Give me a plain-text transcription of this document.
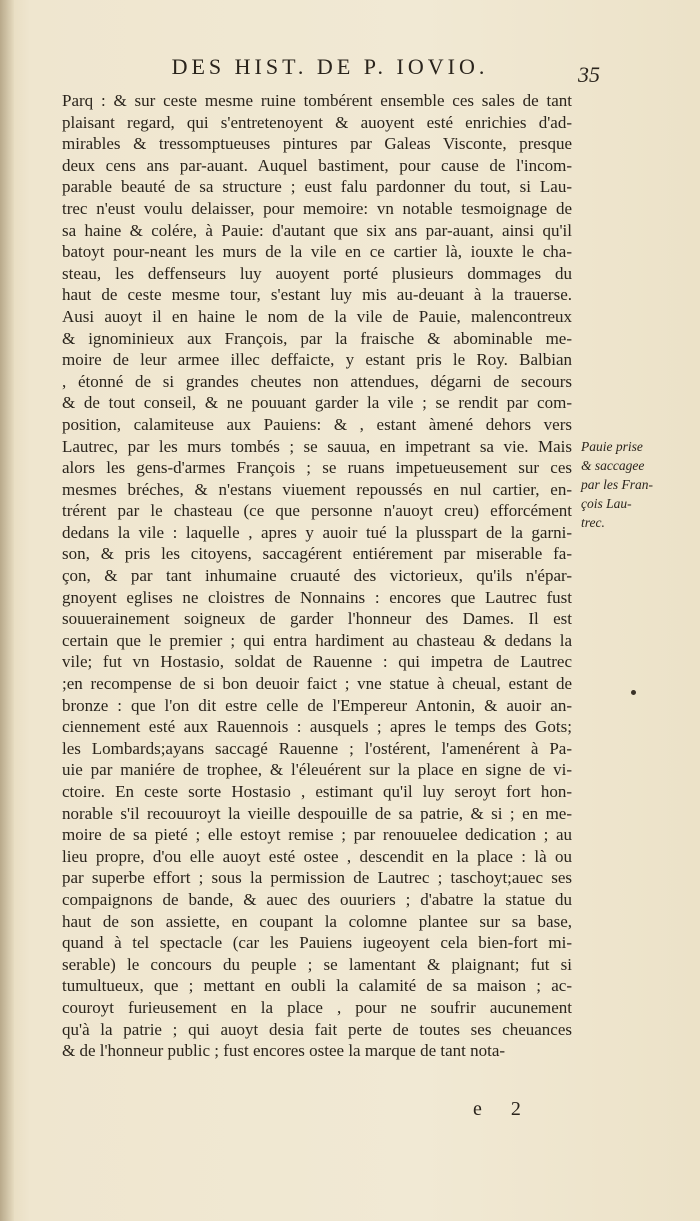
DES HIST. DE P. IOVIO.	35
Parq : & sur ceste mesme ruine tombérent ensemble ces sales de tant
plaisant regard, qui s'entretenoyent & auoyent esté enrichies d'ad-
mirables & tressomptueuses pintures par Galeas Visconte, presque
deux cens ans par-auant. Auquel bastiment, pour cause de l'incom-
parable beauté de sa structure ; eust falu pardonner du tout, si Lau-
trec n'eust voulu delaisser, pour memoire: vn notable tesmoignage de
sa haine & colére, à Pauie: d'autant que six ans par-auant, ainsi qu'il
batoyt pour-neant les murs de la vile en ce cartier là, iouxte le cha-
steau, les deffenseurs luy auoyent porté plusieurs dommages du
haut de ceste mesme tour, s'estant luy mis au-deuant à la trauerse.
Ausi auoyt il en haine le nom de la vile de Pauie, malencontreux
& ignominieux aux François, par la fraische & abominable me-
moire de leur armee illec deffaicte, y estant pris le Roy. Balbian
, étonné de si grandes cheutes non attendues, dégarni de secours
& de tout conseil, & ne pouuant garder la vile ; se rendit par com-
position, calamiteuse aux Pauiens: & , estant àmené dehors vers
Lautrec, par les murs tombés ; se sauua, en impetrant sa vie. Mais
alors les gens-d'armes François ; se ruans impetueusement sur ces
mesmes bréches, & n'estans viuement repoussés en nul cartier, en-
trérent par le chasteau (ce que personne n'auoyt creu) efforcément
dedans la vile : laquelle , apres y auoir tué la plusspart de la garni-
son, & pris les citoyens, saccagérent entiérement par miserable fa-
çon, & par tant inhumaine cruauté des victorieux, qu'ils n'épar-
gnoyent eglises ne cloistres de Nonnains : encores que Lautrec fust
souuerainement soigneux de garder l'honneur des Dames. Il est
certain que le premier ; qui entra hardiment au chasteau & dedans la
vile; fut vn Hostasio, soldat de Rauenne : qui impetra de Lautrec
;en recompense de si bon deuoir faict ; vne statue à cheual, estant de
bronze : que l'on dit estre celle de l'Empereur Antonin, & auoir an-
ciennement esté aux Rauennois : ausquels ; apres le temps des Gots;
les Lombards;ayans saccagé Rauenne ; l'ostérent, l'amenérent à Pa-
uie par maniére de trophee, & l'éleuérent sur la place en signe de vi-
ctoire. En ceste sorte Hostasio , estimant qu'il luy seroyt fort hon-
norable s'il recouuroyt la vieille despouille de sa patrie, & si ; en me-
moire de sa pieté ; elle estoyt remise ; par renouuelee dedication ; au
lieu propre, d'ou elle auoyt esté ostee , descendit en la place : là ou
par superbe effort ; sous la permission de Lautrec ; taschoyt;auec ses
compaignons de bande, & auec des ouuriers ; d'abatre la statue du
haut de son assiette, en coupant la colomne plantee sur sa base,
quand à tel spectacle (car les Pauiens iugeoyent cela bien-fort mi-
serable) le concours du peuple ; se lamentant & plaignant; fut si
tumultueux, que ; mettant en oubli la calamité de sa maison ; ac-
couroyt furieusement en la place , pour ne soufrir aucunement
qu'à la patrie ; qui auoyt desia fait perte de toutes ses cheuances
& de l'honneur public ; fust encores ostee la marque de tant nota-
Pauie prise
& saccagee
par les Fran-
çois Lau-
trec.
e 2
